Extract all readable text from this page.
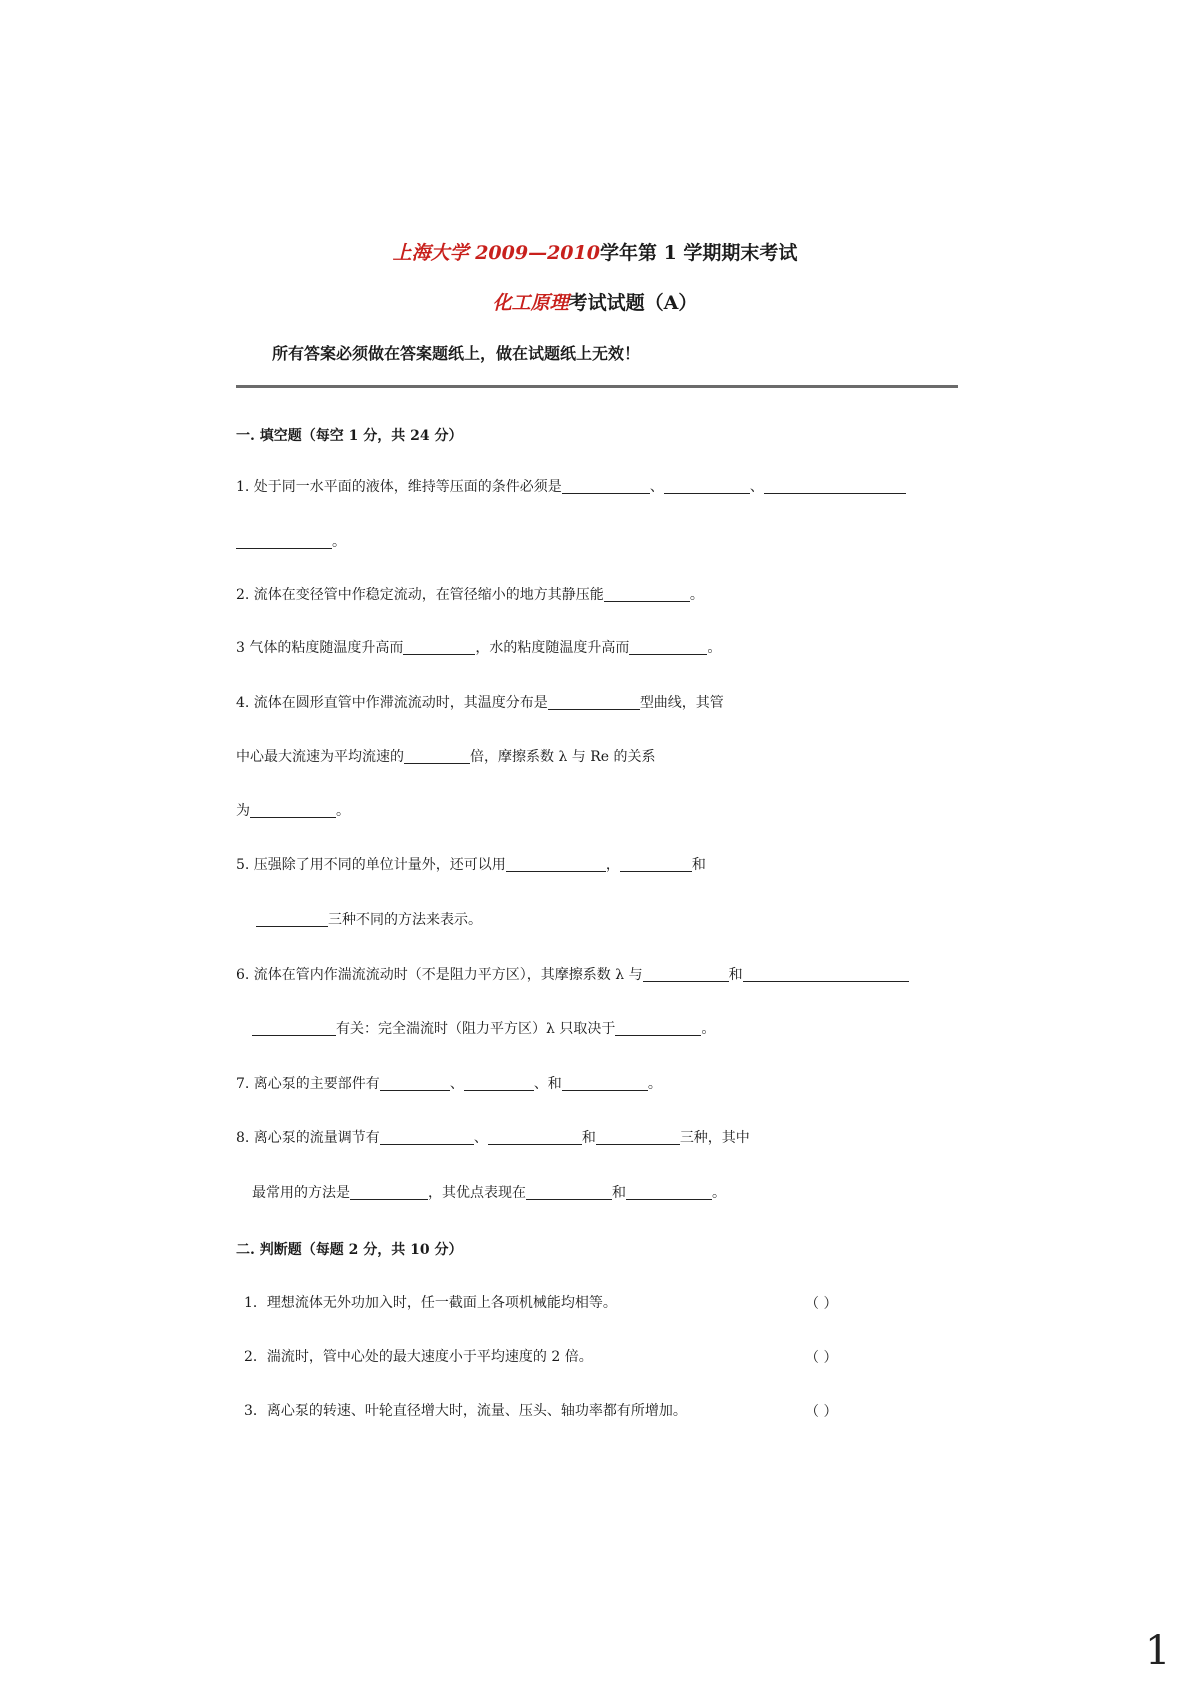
上海大学 2009—2010学年第 1 学期期末考试
化工原理考试试题（A）
所有答案必须做在答案题纸上，做在试题纸上无效！
一. 填空题（每空 1 分，共 24 分）
1. 处于同一水平面的液体，维持等压面的条件必须是	、	、
。
2. 流体在变径管中作稳定流动，在管径缩小的地方其静压能	。
3 气体的粘度随温度升高而	，水的粘度随温度升高而	。
4. 流体在圆形直管中作滞流流动时，其温度分布是	型曲线，其管
中心最大流速为平均流速的	倍，摩擦系数 λ 与 Re 的关系
为	。
5. 压强除了用不同的单位计量外，还可以用	，	和
三种不同的方法来表示。
6. 流体在管内作湍流流动时（不是阻力平方区），其摩擦系数 λ 与	和
有关：完全湍流时（阻力平方区）λ 只取决于	。
7. 离心泵的主要部件有	、	、和	。
8. 离心泵的流量调节有	、	和	三种，其中
最常用的方法是	，其优点表现在	和	。
二. 判断题（每题 2 分，共 10 分）
1．理想流体无外功加入时，任一截面上各项机械能均相等。	（ ）
2．湍流时，管中心处的最大速度小于平均速度的 2 倍。	（ ）
3．离心泵的转速、叶轮直径增大时，流量、压头、轴功率都有所增加。	（ ）
1
